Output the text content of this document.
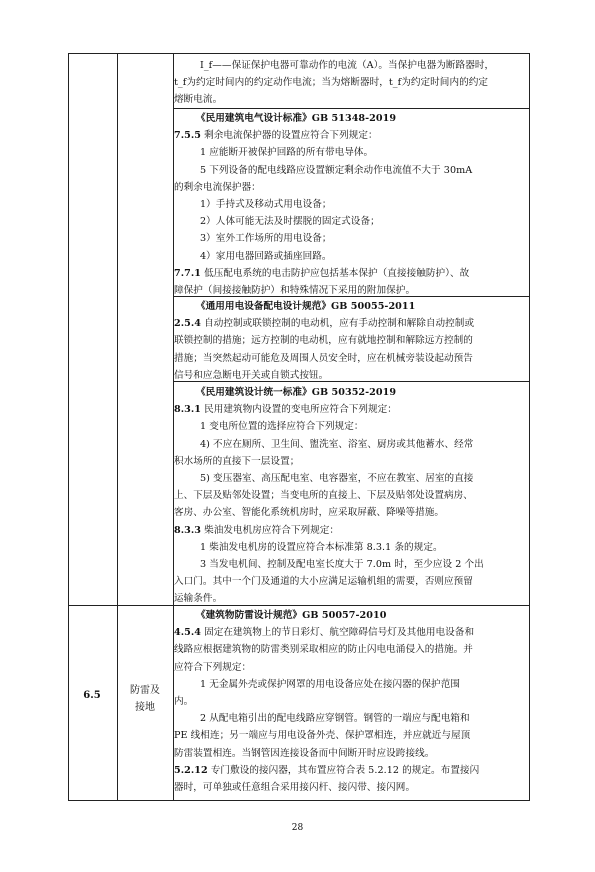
I_f——保证保护电器可靠动作的电流（A）。当保护电器为断路器时，

t_f为约定时间内的约定动作电流；当为熔断器时，t_f为约定时间内的约定

熔断电流。

《民用建筑电气设计标准》GB 51348-2019

7.5.5 剩余电流保护器的设置应符合下列规定：

1 应能断开被保护回路的所有带电导体。

5 下列设备的配电线路应设置额定剩余动作电流值不大于 30mA

的剩余电流保护器：

1）手持式及移动式用电设备；

2）人体可能无法及时摆脱的固定式设备；

3）室外工作场所的用电设备；

4）家用电器回路或插座回路。

7.7.1 低压配电系统的电击防护应包括基本保护（直接接触防护）、故

障保护（间接接触防护）和特殊情况下采用的附加保护。

《通用用电设备配电设计规范》GB 50055-2011

2.5.4 自动控制或联锁控制的电动机，应有手动控制和解除自动控制或

联锁控制的措施；远方控制的电动机，应有就地控制和解除远方控制的

措施；当突然起动可能危及周围人员安全时，应在机械旁装设起动预告

信号和应急断电开关或自锁式按钮。

《民用建筑设计统一标准》GB 50352-2019

8.3.1 民用建筑物内设置的变电所应符合下列规定：

1 变电所位置的选择应符合下列规定：

4) 不应在厕所、卫生间、盥洗室、浴室、厨房或其他蓄水、经常

积水场所的直接下一层设置；

5) 变压器室、高压配电室、电容器室，不应在教室、居室的直接

上、下层及贴邻处设置；当变电所的直接上、下层及贴邻处设置病房、

客房、办公室、智能化系统机房时，应采取屏蔽、降噪等措施。

8.3.3 柴油发电机房应符合下列规定：

1 柴油发电机房的设置应符合本标准第 8.3.1 条的规定。

3 当发电机间、控制及配电室长度大于 7.0m 时，至少应设 2 个出

入口门。其中一个门及通道的大小应满足运输机组的需要，否则应预留

运输条件。

6.5	防雷及
接地

《建筑物防雷设计规范》GB 50057-2010

4.5.4 固定在建筑物上的节日彩灯、航空障碍信号灯及其他用电设备和

线路应根据建筑物的防雷类别采取相应的防止闪电电涌侵入的措施。并

应符合下列规定：

1 无金属外壳或保护网罩的用电设备应处在接闪器的保护范围

内。

2 从配电箱引出的配电线路应穿钢管。钢管的一端应与配电箱和

PE 线相连；另一端应与用电设备外壳、保护罩相连，并应就近与屋顶

防雷装置相连。当钢管因连接设备而中间断开时应设跨接线。

5.2.12 专门敷设的接闪器，其布置应符合表 5.2.12 的规定。布置接闪

器时，可单独或任意组合采用接闪杆、接闪带、接闪网。

28
